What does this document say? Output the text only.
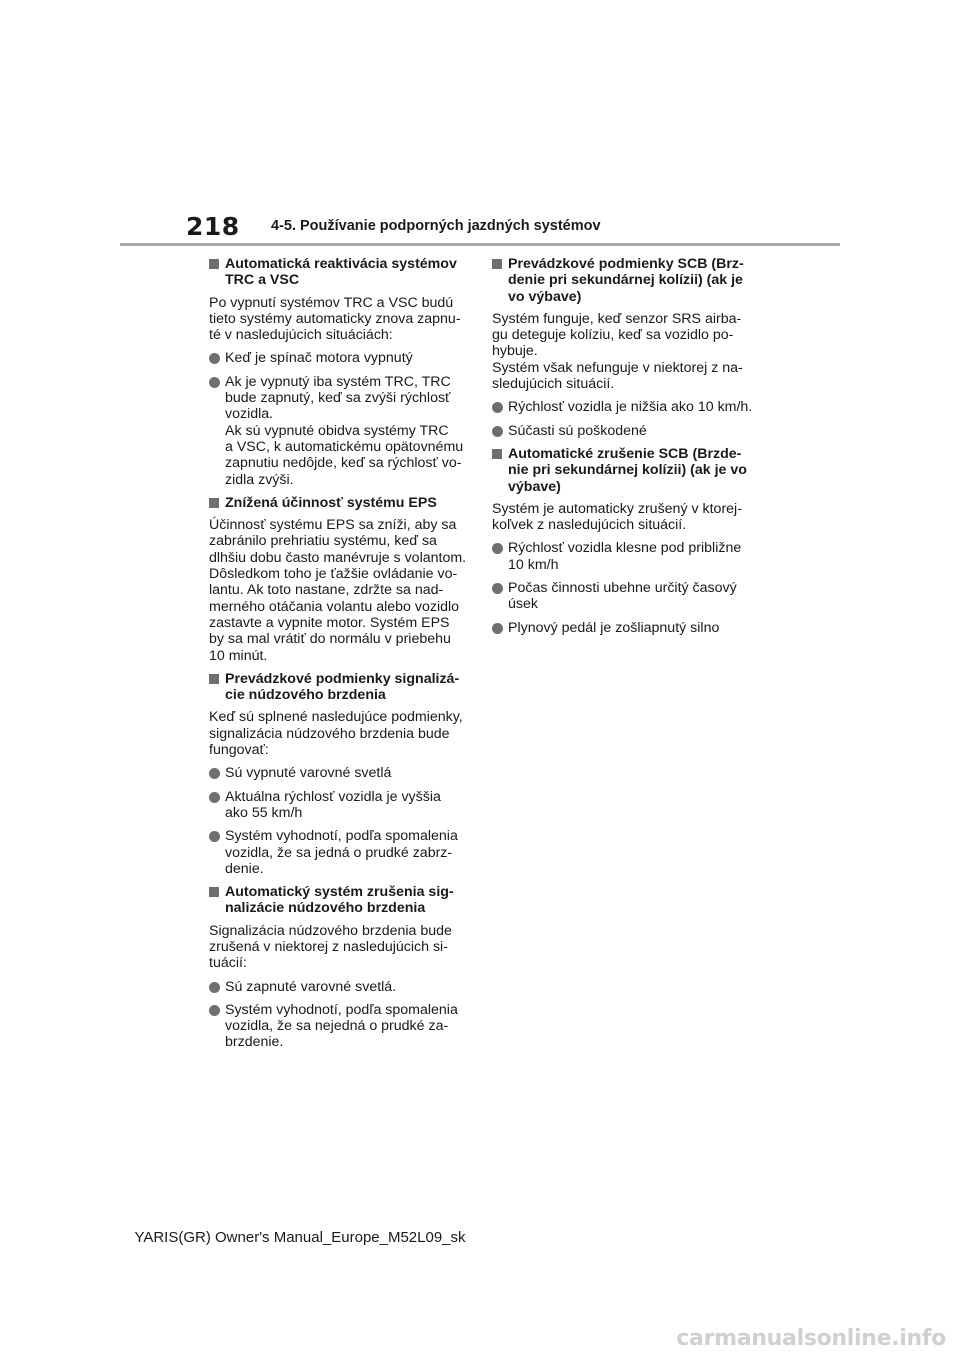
218 4-5. Používanie podporných jazdných systémov
Automatická reaktivácia systémov
TRC a VSC
Po vypnutí systémov TRC a VSC budú
tieto systémy automaticky znova zapnu-
té v nasledujúcich situáciách:
Keď je spínač motora vypnutý
Ak je vypnutý iba systém TRC, TRC
bude zapnutý, keď sa zvýši rýchlosť
vozidla.
Ak sú vypnuté obidva systémy TRC
a VSC, k automatickému opätovnému
zapnutiu nedôjde, keď sa rýchlosť vo-
zidla zvýši.
Znížená účinnosť systému EPS
Účinnosť systému EPS sa zníži, aby sa
zabránilo prehriatiu systému, keď sa
dlhšiu dobu často manévruje s volantom.
Dôsledkom toho je ťažšie ovládanie vo-
lantu. Ak toto nastane, zdržte sa nad-
merného otáčania volantu alebo vozidlo
zastavte a vypnite motor. Systém EPS
by sa mal vrátiť do normálu v priebehu
10 minút.
Prevádzkové podmienky signalizá-
cie núdzového brzdenia
Keď sú splnené nasledujúce podmienky,
signalizácia núdzového brzdenia bude
fungovať:
Sú vypnuté varovné svetlá
Aktuálna rýchlosť vozidla je vyššia
ako 55 km/h
Systém vyhodnotí, podľa spomalenia
vozidla, že sa jedná o prudké zabrz-
denie.
Automatický systém zrušenia sig-
nalizácie núdzového brzdenia
Signalizácia núdzového brzdenia bude
zrušená v niektorej z nasledujúcich si-
tuácií:
Sú zapnuté varovné svetlá.
Systém vyhodnotí, podľa spomalenia
vozidla, že sa nejedná o prudké za-
brzdenie.
Prevádzkové podmienky SCB (Brz-
denie pri sekundárnej kolízii) (ak je
vo výbave)
Systém funguje, keď senzor SRS airba-
gu deteguje kolíziu, keď sa vozidlo po-
hybuje.
Systém však nefunguje v niektorej z na-
sledujúcich situácií.
Rýchlosť vozidla je nižšia ako 10 km/h.
Súčasti sú poškodené
Automatické zrušenie SCB (Brzde-
nie pri sekundárnej kolízii) (ak je vo
výbave)
Systém je automaticky zrušený v ktorej-
koľvek z nasledujúcich situácií.
Rýchlosť vozidla klesne pod približne
10 km/h
Počas činnosti ubehne určitý časový
úsek
Plynový pedál je zošliapnutý silno
YARIS(GR) Owner's Manual_Europe_M52L09_sk
carmanualsonline.info
